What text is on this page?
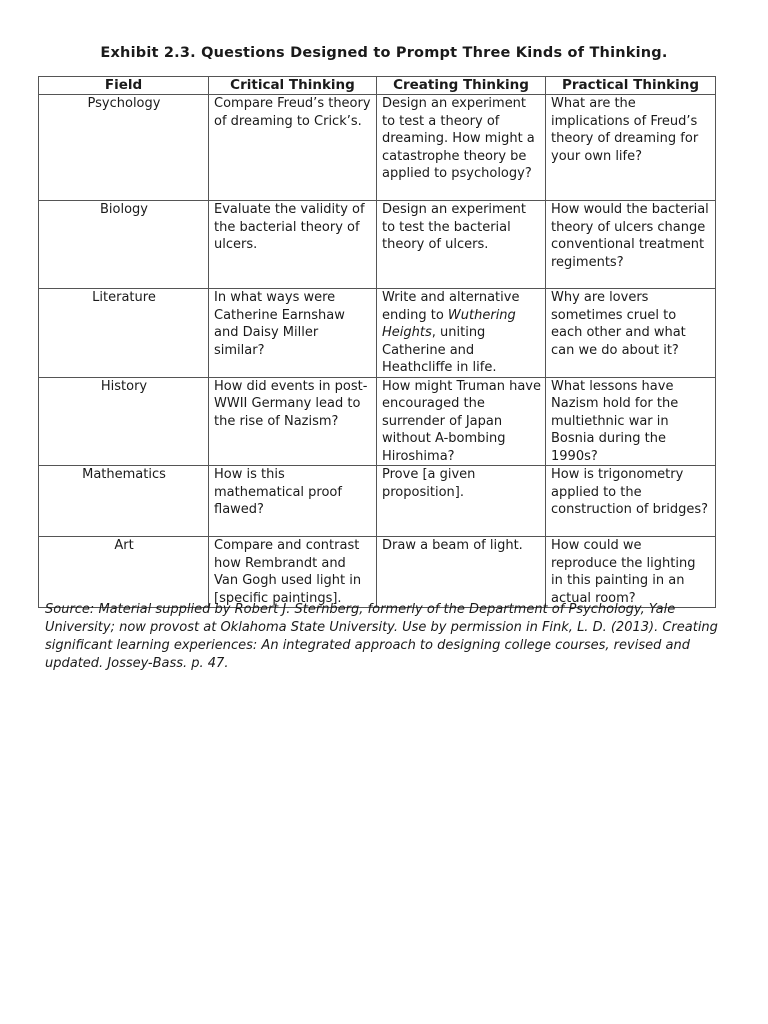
Exhibit 2.3. Questions Designed to Prompt Three Kinds of Thinking.
Field	Critical Thinking	Creating Thinking	Practical Thinking
Psychology	Compare Freud’s theory of dreaming to Crick’s.	Design an experiment to test a theory of dreaming. How might a catastrophe theory be applied to psychology?	What are the implications of Freud’s theory of dreaming for your own life?
Biology	Evaluate the validity of the bacterial theory of ulcers.	Design an experiment to test the bacterial theory of ulcers.	How would the bacterial theory of ulcers change conventional treatment regiments?
Literature	In what ways were Catherine Earnshaw and Daisy Miller similar?	Write and alternative ending to Wuthering Heights, uniting Catherine and Heathcliffe in life.	Why are lovers sometimes cruel to each other and what can we do about it?
History	How did events in post-WWII Germany lead to the rise of Nazism?	How might Truman have encouraged the surrender of Japan without A-bombing Hiroshima?	What lessons have Nazism hold for the multiethnic war in Bosnia during the 1990s?
Mathematics	How is this mathematical proof flawed?	Prove [a given proposition].	How is trigonometry applied to the construction of bridges?
Art	Compare and contrast how Rembrandt and Van Gogh used light in [specific paintings].	Draw a beam of light.	How could we reproduce the lighting in this painting in an actual room?
Source: Material supplied by Robert J. Sternberg, formerly of the Department of Psychology, Yale University; now provost at Oklahoma State University. Use by permission in Fink, L. D. (2013). Creating significant learning experiences: An integrated approach to designing college courses, revised and updated. Jossey-Bass. p. 47.
